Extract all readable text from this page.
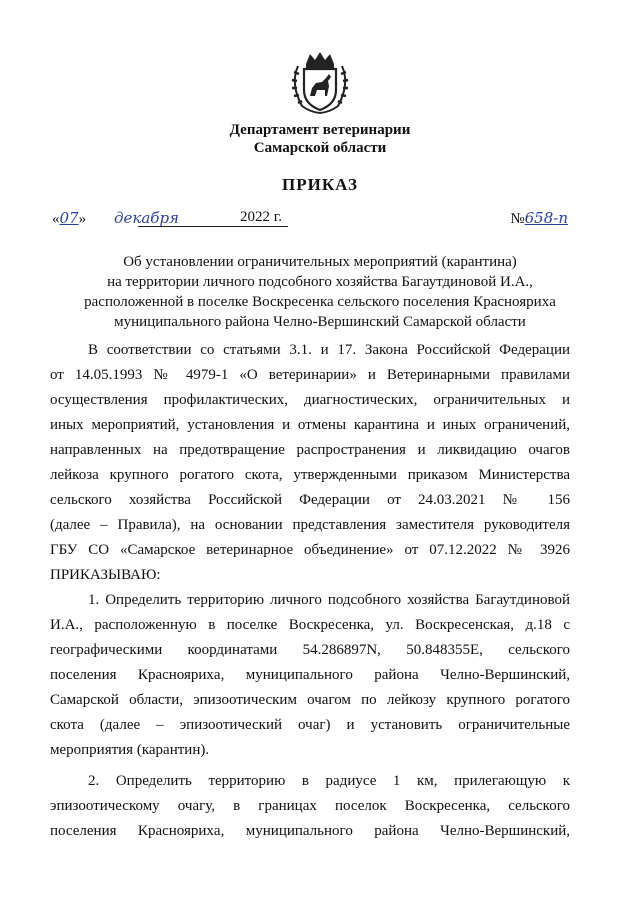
Департамент ветеринарии
Самарской области
ПРИКАЗ
«07» декабря	2022 г.	№658-п
Об установлении ограничительных мероприятий (карантина)
на территории личного подсобного хозяйства Багаутдиновой И.А.,
расположенной в поселке Воскресенка сельского поселения Красноярихa
муниципального района Челно-Вершинский Самарской области

В соответствии со статьями 3.1. и 17. Закона Российской Федерации

от 14.05.1993 № 4979-1 «О ветеринарии» и Ветеринарными правилами

осуществления профилактических, диагностических, ограничительных и

иных мероприятий, установления и отмены карантина и иных ограничений,

направленных на предотвращение распространения и ликвидацию очагов

лейкоза крупного рогатого скота, утвержденными приказом Министерства

сельского хозяйства Российской Федерации от 24.03.2021 № 156

(далее – Правила), на основании представления заместителя руководителя

ГБУ СО «Самарское ветеринарное объединение» от 07.12.2022 № 3926

ПРИКАЗЫВАЮ:

1. Определить территорию личного подсобного хозяйства Багаутдиновой

И.А., расположенную в поселке Воскресенка, ул. Воскресенская, д.18 с

географическими координатами 54.286897N, 50.848355E, сельского

поселения Красноярихa, муниципального района Челно-Вершинский,

Самарской области, эпизоотическим очагом по лейкозу крупного рогатого

скота (далее – эпизоотический очаг) и установить ограничительные

мероприятия (карантин).

2. Определить территорию в радиусе 1 км, прилегающую к

эпизоотическому очагу, в границах поселок Воскресенка, сельского

поселения Красноярихa, муниципального района Челно-Вершинский,
